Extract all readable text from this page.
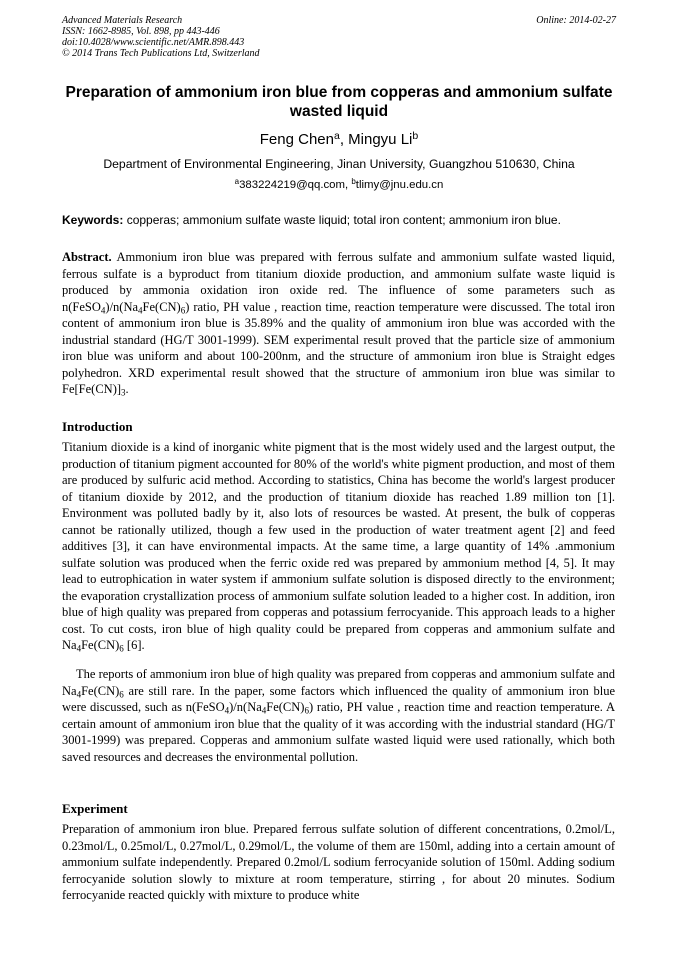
Advanced Materials Research
ISSN: 1662-8985, Vol. 898, pp 443-446
doi:10.4028/www.scientific.net/AMR.898.443
© 2014 Trans Tech Publications Ltd, Switzerland
Online: 2014-02-27
Preparation of ammonium iron blue from copperas and ammonium sulfate wasted liquid
Feng Chen$^a$, Mingyu Li$^b$
Department of Environmental Engineering, Jinan University, Guangzhou 510630, China
$^a$383224219@qq.com, $^b$tlimy@jnu.edu.cn
Keywords: copperas; ammonium sulfate waste liquid; total iron content; ammonium iron blue.
Abstract. Ammonium iron blue was prepared with ferrous sulfate and ammonium sulfate wasted liquid, ferrous sulfate is a byproduct from titanium dioxide production, and ammonium sulfate waste liquid is produced by ammonia oxidation iron oxide red. The influence of some parameters such as $n(FeSO_4)/n(Na_4Fe(CN)_6)$ ratio, PH value , reaction time, reaction temperature were discussed. The total iron content of ammonium iron blue is 35.89% and the quality of ammonium iron blue was accorded with the industrial standard (HG/T 3001-1999). SEM experimental result proved that the particle size of ammonium iron blue was uniform and about 100-200nm, and the structure of ammonium iron blue is Straight edges polyhedron. XRD experimental result showed that the structure of ammonium iron blue was similar to $Fe[Fe(CN)]_3$.
Introduction
Titanium dioxide is a kind of inorganic white pigment that is the most widely used and the largest output, the production of titanium pigment accounted for 80% of the world's white pigment production, and most of them are produced by sulfuric acid method. According to statistics, China has become the world's largest producer of titanium dioxide by 2012, and the production of titanium dioxide has reached 1.89 million ton [1]. Environment was polluted badly by it, also lots of resources be wasted. At present, the bulk of copperas cannot be rationally utilized, though a few used in the production of water treatment agent [2] and feed additives [3], it can have environmental impacts. At the same time, a large quantity of 14% .ammonium sulfate solution was produced when the ferric oxide red was prepared by ammonium method [4, 5]. It may lead to eutrophication in water system if ammonium sulfate solution is disposed directly to the environment; the evaporation crystallization process of ammonium sulfate solution leaded to a higher cost. In addition, iron blue of high quality was prepared from copperas and potassium ferrocyanide. This approach leads to a higher cost. To cut costs, iron blue of high quality could be prepared from copperas and ammonium sulfate and $Na_4Fe(CN)_6$ [6].
The reports of ammonium iron blue of high quality was prepared from copperas and ammonium sulfate and $Na_4Fe(CN)_6$ are still rare. In the paper, some factors which influenced the quality of ammonium iron blue were discussed, such as $n(FeSO_4)/n(Na_4Fe(CN)_6)$ ratio, PH value , reaction time and reaction temperature. A certain amount of ammonium iron blue that the quality of it was according with the industrial standard (HG/T 3001-1999) was prepared. Copperas and ammonium sulfate wasted liquid were used rationally, which both saved resources and decreases the environmental pollution.
Experiment
Preparation of ammonium iron blue. Prepared ferrous sulfate solution of different concentrations, 0.2mol/L, 0.23mol/L, 0.25mol/L, 0.27mol/L, 0.29mol/L, the volume of them are 150ml, adding into a certain amount of ammonium sulfate independently. Prepared 0.2mol/L sodium ferrocyanide solution of 150ml. Adding sodium ferrocyanide solution slowly to mixture at room temperature, stirring , for about 20 minutes. Sodium ferrocyanide reacted quickly with mixture to produce white
